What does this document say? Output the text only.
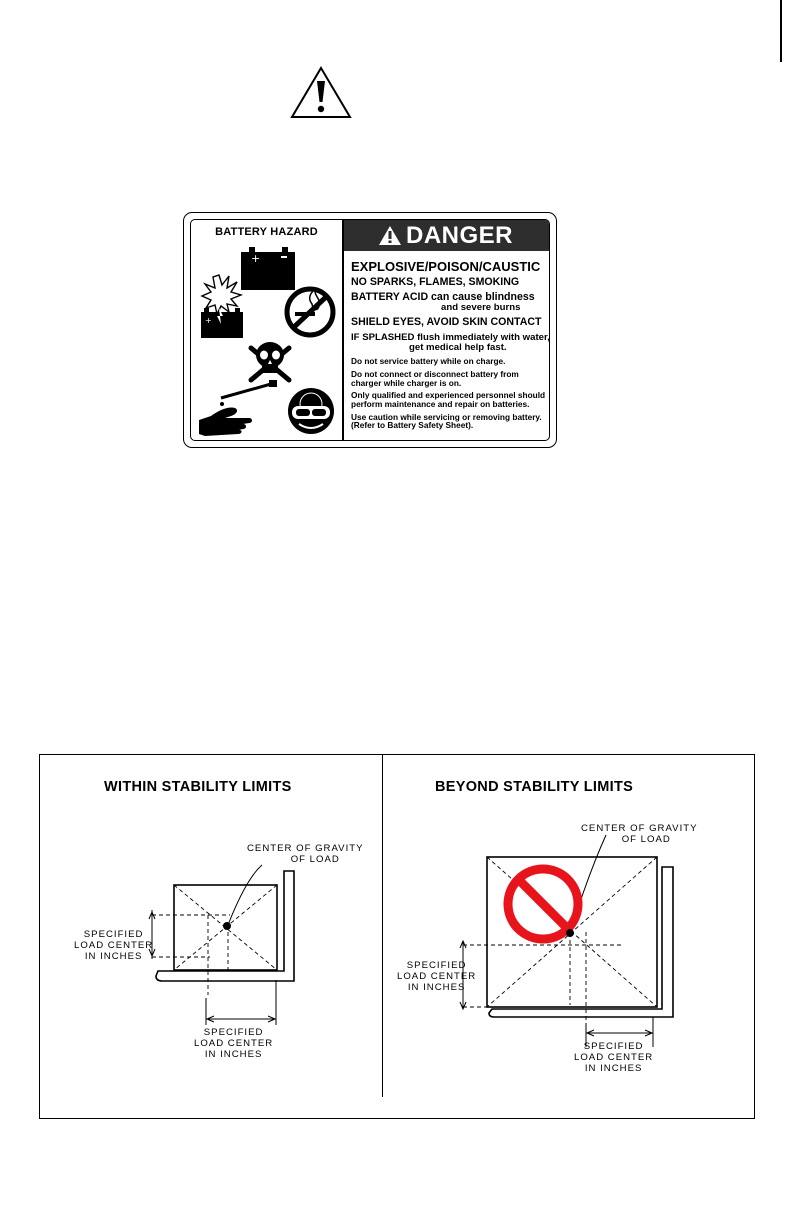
BATTERY HAZARD
+
+
DANGER
EXPLOSIVE/POISON/CAUSTIC
NO SPARKS, FLAMES, SMOKING
BATTERY ACID can cause blindness
and severe burns
SHIELD EYES, AVOID SKIN CONTACT
IF SPLASHED flush immediately with water,
get medical help fast.
Do not service battery while on charge.
Do not connect or disconnect battery from
charger while charger is on.
Only qualified and experienced personnel should
perform maintenance and repair on batteries.
Use caution while servicing or removing battery.
(Refer to Battery Safety Sheet).
WITHIN STABILITY LIMITS	BEYOND STABILITY LIMITS
CENTER OF GRAVITY
OF LOAD
SPECIFIED
LOAD CENTER
IN INCHES
SPECIFIED
LOAD CENTER
IN INCHES
CENTER OF GRAVITY
OF LOAD
SPECIFIED
LOAD CENTER
IN INCHES
SPECIFIED
LOAD CENTER
IN INCHES
